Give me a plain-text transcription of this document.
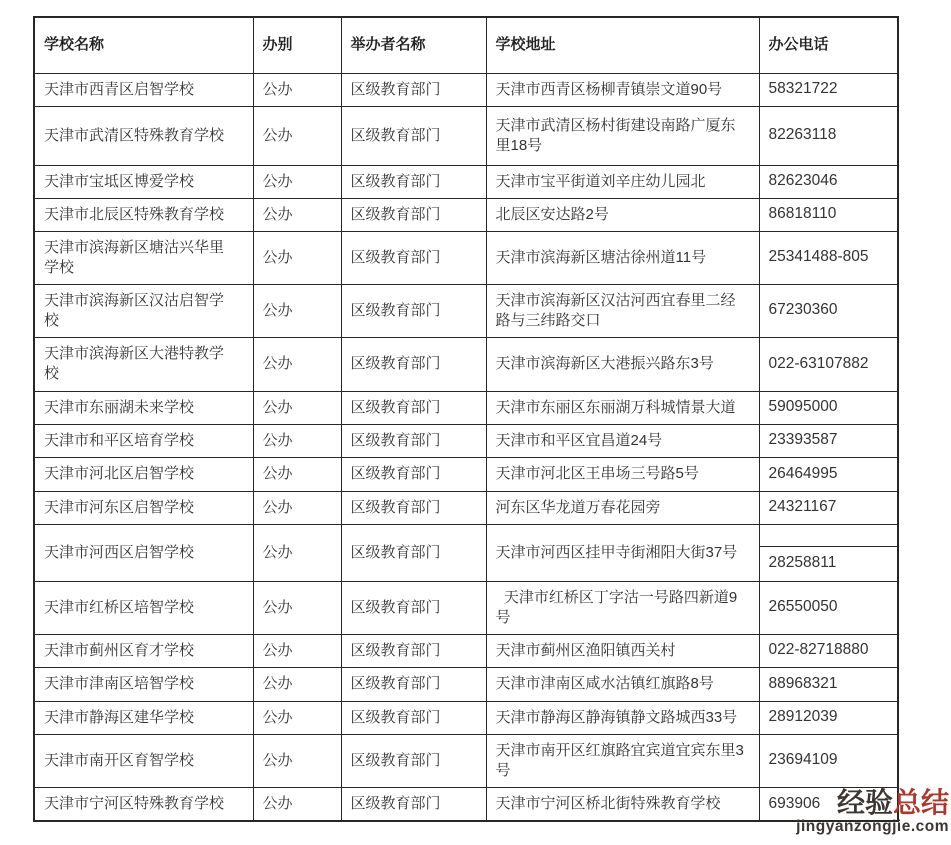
学校名称	办别	举办者名称	学校地址	办公电话
天津市西青区启智学校	公办	区级教育部门	天津市西青区杨柳青镇崇文道90号	58321722
天津市武清区特殊教育学校	公办	区级教育部门	天津市武清区杨村街建设南路广厦东里18号	82263118
天津市宝坻区博爱学校	公办	区级教育部门	天津市宝平街道刘辛庄幼儿园北	82623046
天津市北辰区特殊教育学校	公办	区级教育部门	北辰区安达路2号	86818110
天津市滨海新区塘沽兴华里学校	公办	区级教育部门	天津市滨海新区塘沽徐州道11号	25341488-805
天津市滨海新区汉沽启智学校	公办	区级教育部门	天津市滨海新区汉沽河西宜春里二经路与三纬路交口	67230360
天津市滨海新区大港特教学校	公办	区级教育部门	天津市滨海新区大港振兴路东3号	022-63107882
天津市东丽湖未来学校	公办	区级教育部门	天津市东丽区东丽湖万科城情景大道	59095000
天津市和平区培育学校	公办	区级教育部门	天津市和平区宜昌道24号	23393587
天津市河北区启智学校	公办	区级教育部门	天津市河北区王串场三号路5号	26464995
天津市河东区启智学校	公办	区级教育部门	河东区华龙道万春花园旁	24321167
天津市河西区启智学校	公办	区级教育部门	天津市河西区挂甲寺街湘阳大街37号	28258811

天津市红桥区培智学校	公办	区级教育部门	天津市红桥区丁字沽一号路四新道9号	26550050
天津市蓟州区育才学校	公办	区级教育部门	天津市蓟州区渔阳镇西关村	022-82718880
天津市津南区培智学校	公办	区级教育部门	天津市津南区咸水沽镇红旗路8号	88968321
天津市静海区建华学校	公办	区级教育部门	天津市静海区静海镇静文路城西33号	28912039
天津市南开区育智学校	公办	区级教育部门	天津市南开区红旗路宜宾道宜宾东里3号	23694109
天津市宁河区特殊教育学校	公办	区级教育部门	天津市宁河区桥北街特殊教育学校	693906 经验总结
jingyanzongjie.com
